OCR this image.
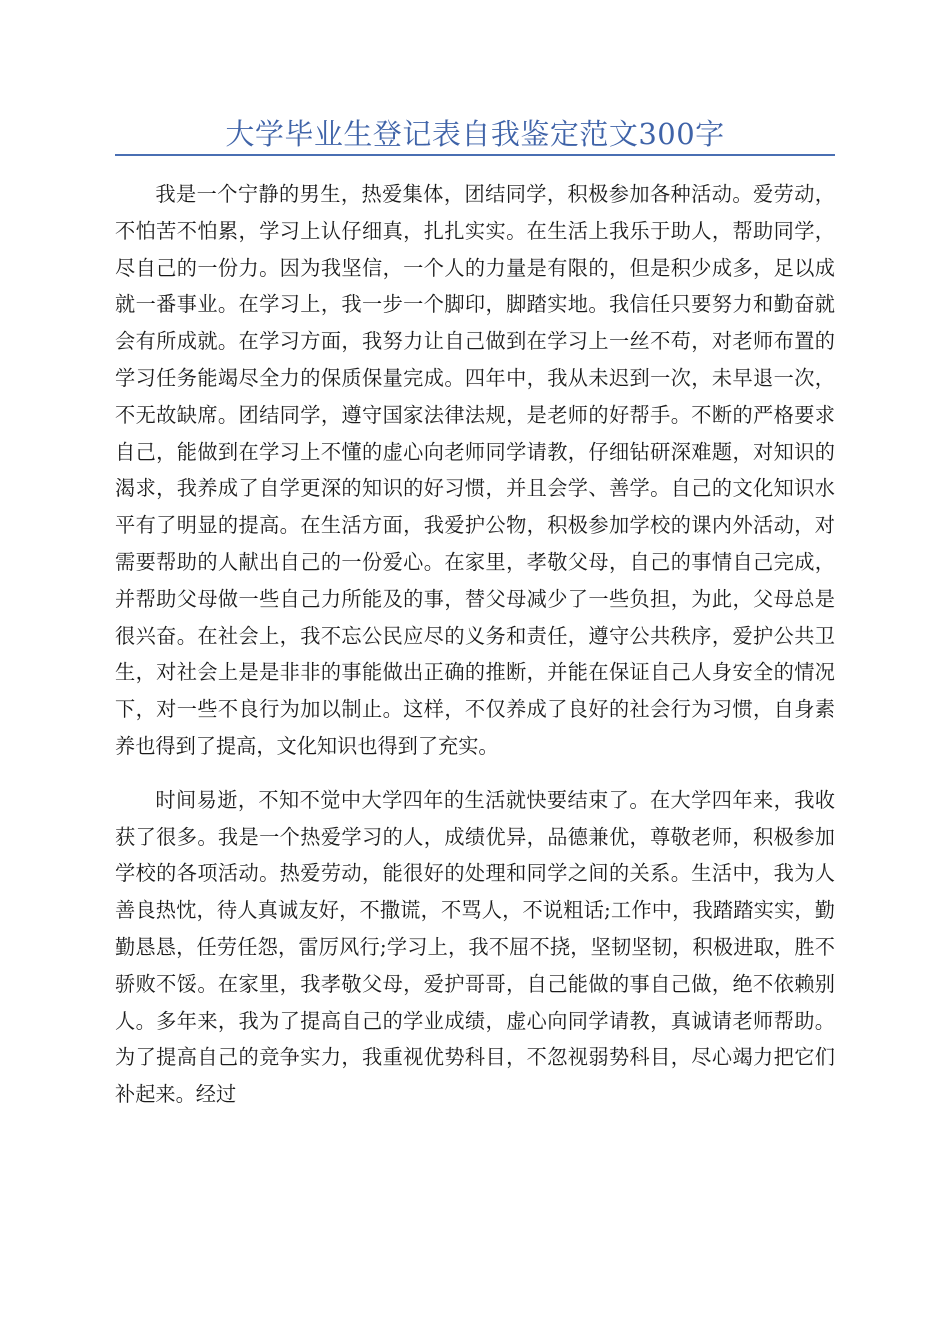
大学毕业生登记表自我鉴定范文300字

我是一个宁静的男生，热爱集体，团结同学，积极参加各种活动。爱劳动，不怕苦不怕累，学习上认仔细真，扎扎实实。在生活上我乐于助人，帮助同学，尽自己的一份力。因为我坚信，一个人的力量是有限的，但是积少成多，足以成就一番事业。在学习上，我一步一个脚印，脚踏实地。我信任只要努力和勤奋就会有所成就。在学习方面，我努力让自己做到在学习上一丝不苟，对老师布置的学习任务能竭尽全力的保质保量完成。四年中，我从未迟到一次，未早退一次，不无故缺席。团结同学，遵守国家法律法规，是老师的好帮手。不断的严格要求自己，能做到在学习上不懂的虚心向老师同学请教，仔细钻研深难题，对知识的渴求，我养成了自学更深的知识的好习惯，并且会学、善学。自己的文化知识水平有了明显的提高。在生活方面，我爱护公物，积极参加学校的课内外活动，对需要帮助的人献出自己的一份爱心。在家里，孝敬父母，自己的事情自己完成，并帮助父母做一些自己力所能及的事，替父母减少了一些负担，为此，父母总是很兴奋。在社会上，我不忘公民应尽的义务和责任，遵守公共秩序，爱护公共卫生，对社会上是是非非的事能做出正确的推断，并能在保证自己人身安全的情况下，对一些不良行为加以制止。这样，不仅养成了良好的社会行为习惯，自身素养也得到了提高，文化知识也得到了充实。

时间易逝，不知不觉中大学四年的生活就快要结束了。在大学四年来，我收获了很多。我是一个热爱学习的人，成绩优异，品德兼优，尊敬老师，积极参加学校的各项活动。热爱劳动，能很好的处理和同学之间的关系。生活中，我为人善良热忱，待人真诚友好，不撒谎，不骂人，不说粗话;工作中，我踏踏实实，勤勤恳恳，任劳任怨，雷厉风行;学习上，我不屈不挠，坚韧坚韧，积极进取，胜不骄败不馁。在家里，我孝敬父母，爱护哥哥，自己能做的事自己做，绝不依赖别人。多年来，我为了提高自己的学业成绩，虚心向同学请教，真诚请老师帮助。为了提高自己的竞争实力，我重视优势科目，不忽视弱势科目，尽心竭力把它们补起来。经过
